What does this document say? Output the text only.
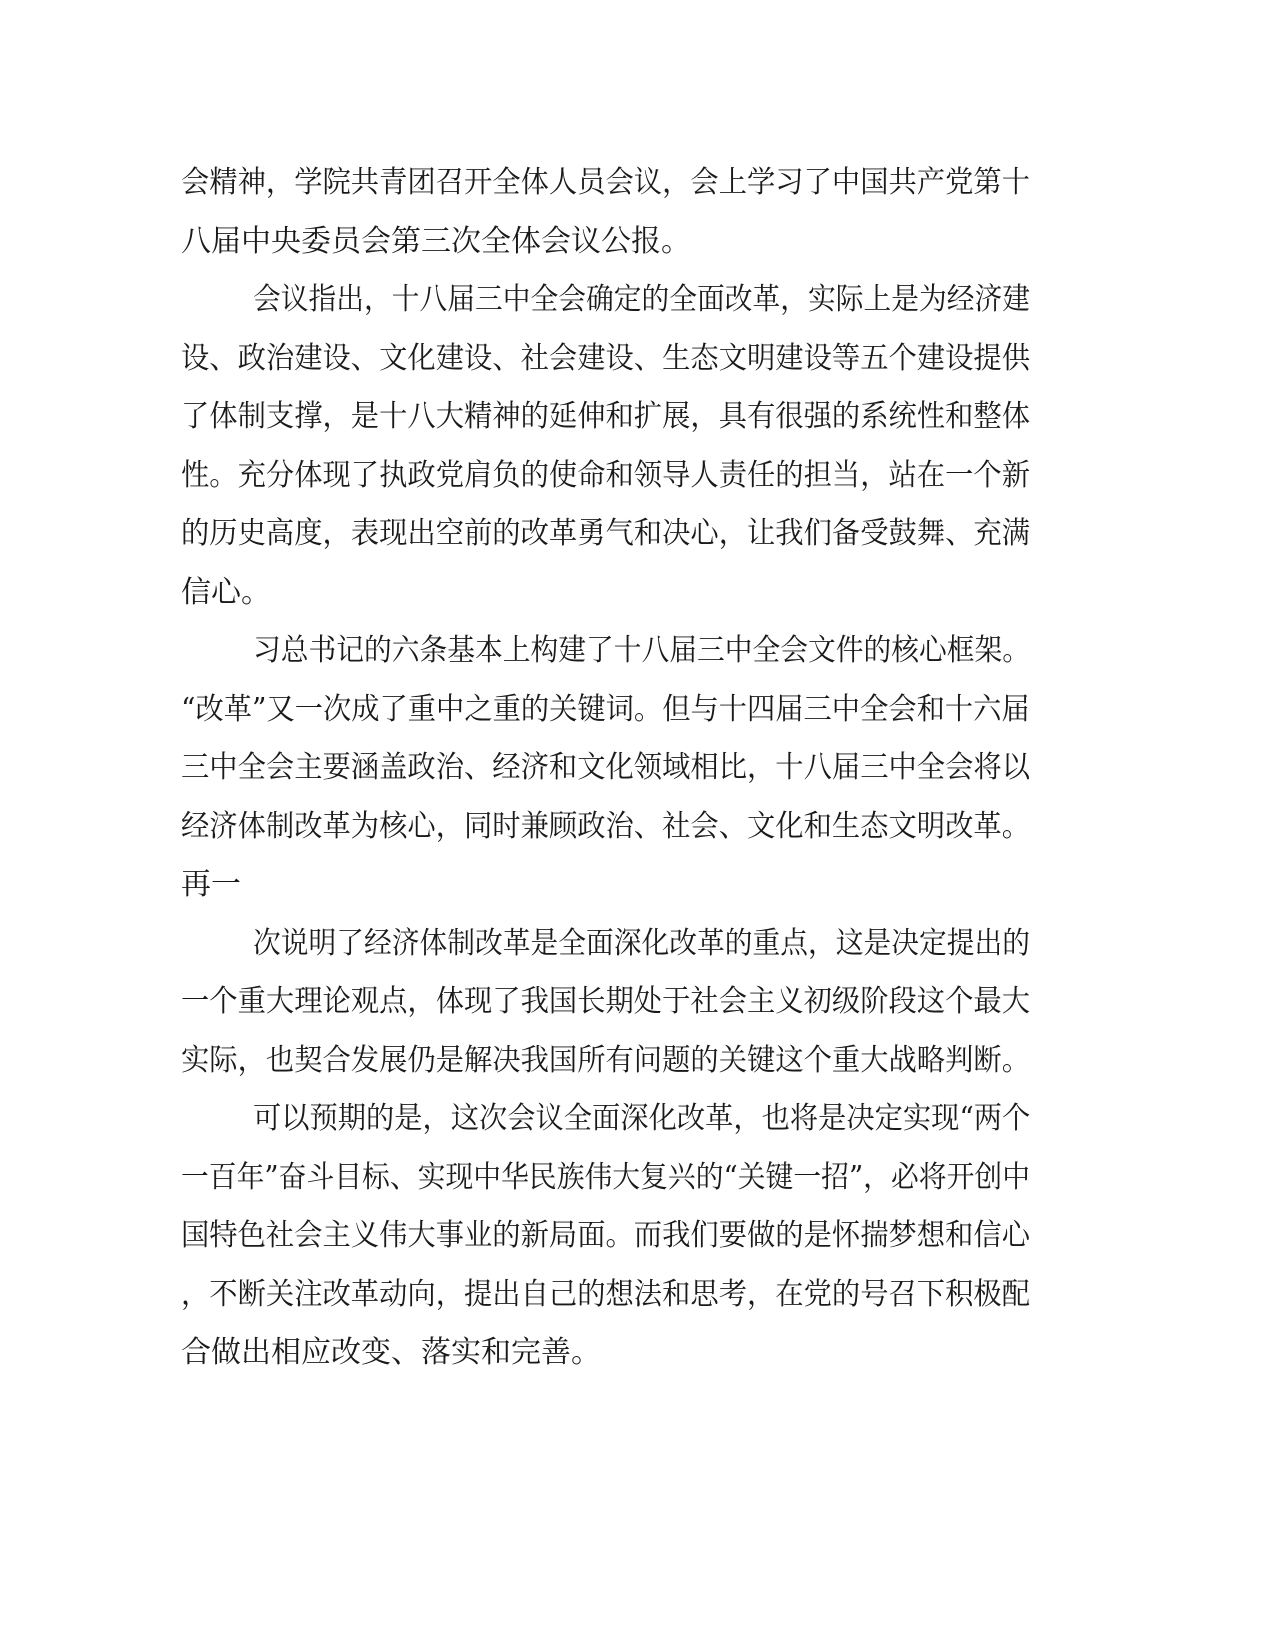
会精神，学院共青团召开全体人员会议，会上学习了中国共产党第十

八届中央委员会第三次全体会议公报。

会议指出，十八届三中全会确定的全面改革，实际上是为经济建

设、政治建设、文化建设、社会建设、生态文明建设等五个建设提供

了体制支撑，是十八大精神的延伸和扩展，具有很强的系统性和整体

性。充分体现了执政党肩负的使命和领导人责任的担当，站在一个新

的历史高度，表现出空前的改革勇气和决心，让我们备受鼓舞、充满

信心。

习总书记的六条基本上构建了十八届三中全会文件的核心框架。

“改革”又一次成了重中之重的关键词。但与十四届三中全会和十六届

三中全会主要涵盖政治、经济和文化领域相比，十八届三中全会将以

经济体制改革为核心，同时兼顾政治、社会、文化和生态文明改革。

再一

次说明了经济体制改革是全面深化改革的重点，这是决定提出的

一个重大理论观点，体现了我国长期处于社会主义初级阶段这个最大

实际，也契合发展仍是解决我国所有问题的关键这个重大战略判断。

可以预期的是，这次会议全面深化改革，也将是决定实现“两个

一百年”奋斗目标、实现中华民族伟大复兴的“关键一招”，必将开创中

国特色社会主义伟大事业的新局面。而我们要做的是怀揣梦想和信心

，不断关注改革动向，提出自己的想法和思考，在党的号召下积极配

合做出相应改变、落实和完善。
